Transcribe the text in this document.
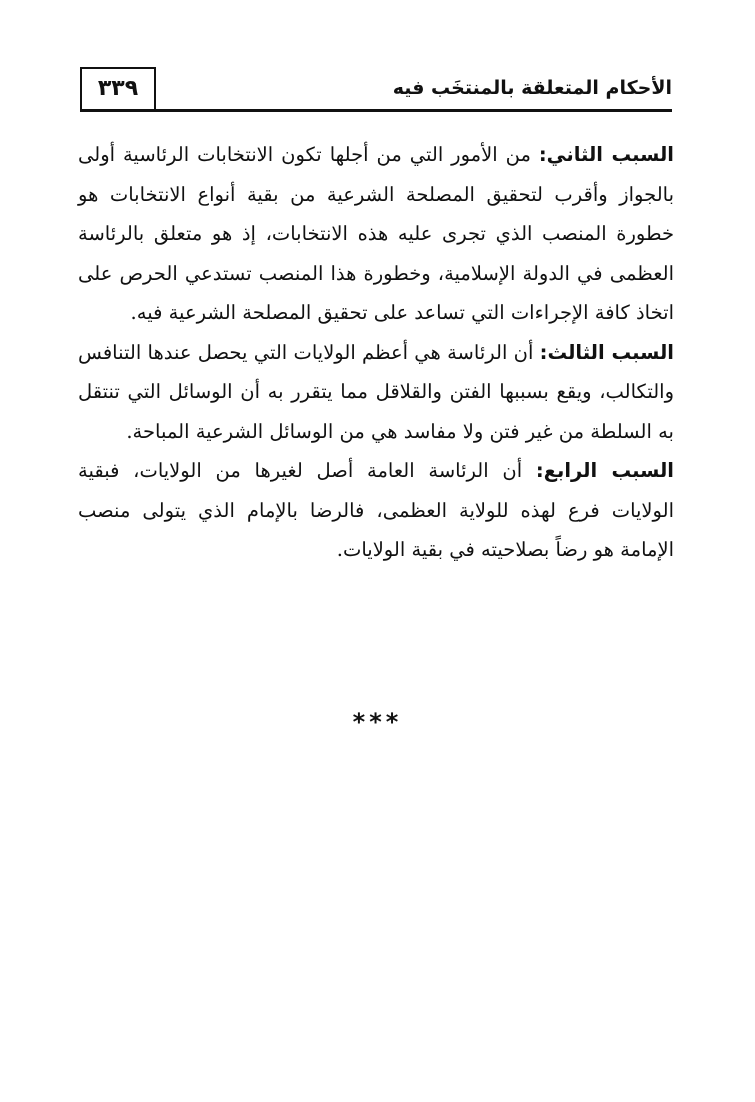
٣٣٩	الأحكام المتعلقة بالمنتخَب فيه

السبب الثاني: من الأمور التي من أجلها تكون الانتخابات الرئاسية أولى بالجواز وأقرب لتحقيق المصلحة الشرعية من بقية أنواع الانتخابات هو خطورة المنصب الذي تجرى عليه هذه الانتخابات، إذ هو متعلق بالرئاسة العظمى في الدولة الإسلامية، وخطورة هذا المنصب تستدعي الحرص على اتخاذ كافة الإجراءات التي تساعد على تحقيق المصلحة الشرعية فيه.

السبب الثالث: أن الرئاسة هي أعظم الولايات التي يحصل عندها التنافس والتكالب، ويقع بسببها الفتن والقلاقل مما يتقرر به أن الوسائل التي تنتقل به السلطة من غير فتن ولا مفاسد هي من الوسائل الشرعية المباحة.

السبب الرابع: أن الرئاسة العامة أصل لغيرها من الولايات، فبقية الولايات فرع لهذه للولاية العظمى، فالرضا بالإمام الذي يتولى منصب الإمامة هو رضاً بصلاحيته في بقية الولايات.

***
